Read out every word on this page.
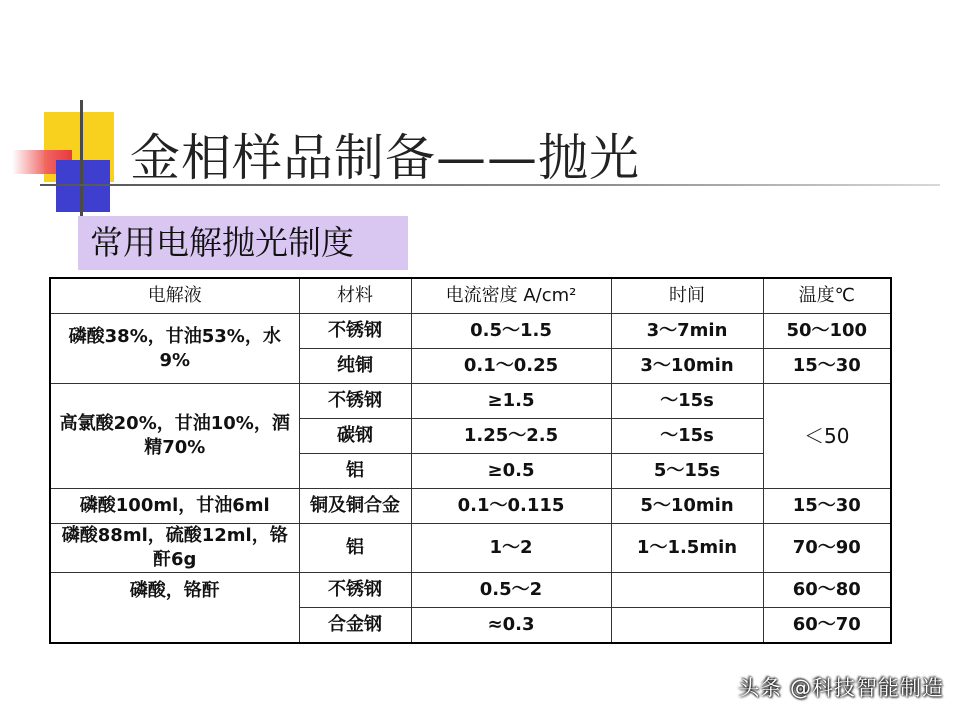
金相样品制备——抛光
常用电解抛光制度
电解液	材料	电流密度 A/cm²	时间	温度℃
磷酸38%，甘油53%，水9%	不锈钢	0.5～1.5	3～7min	50～100
	纯铜	0.1～0.25	3～10min	15～30
高氯酸20%，甘油10%，酒精70%	不锈钢	≥1.5	～15s	＜50
	碳钢	1.25～2.5	～15s	
	铝	≥0.5	5～15s	
磷酸100ml，甘油6ml	铜及铜合金	0.1～0.115	5～10min	15～30
磷酸88ml，硫酸12ml，铬酐6g	铝	1～2	1～1.5min	70～90
磷酸，铬酐	不锈钢	0.5～2		60～80
	合金钢	≈0.3		60～70
头条 @科技智能制造
